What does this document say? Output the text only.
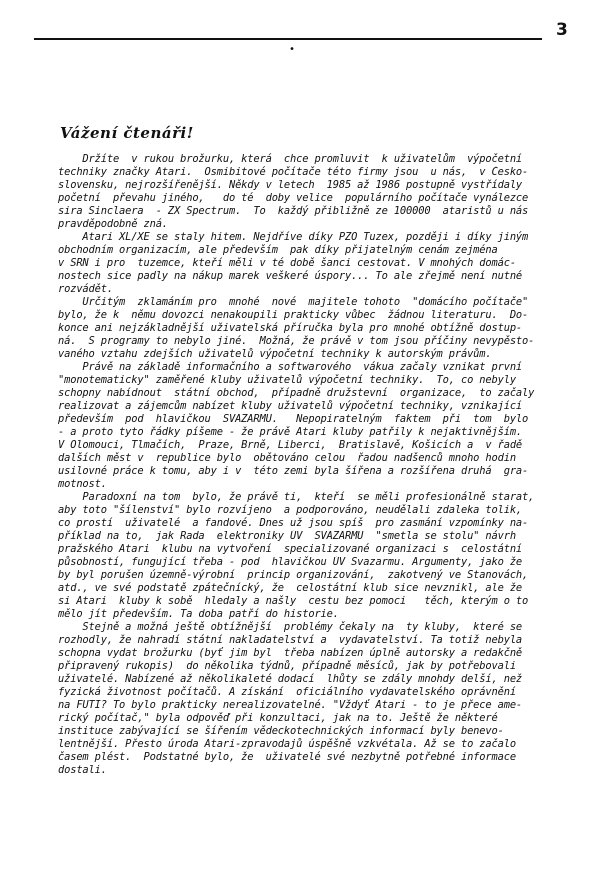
3
•
Vážení čtenáři!
Držíte  v rukou brožurku, která  chce promluvit  k uživatelům  výpočetní
techniky značky Atari.  Osmibitové počítače této firmy jsou  u nás,  v Česko-
slovensku, nejrozšířenější. Někdy v letech  1985 až 1986 postupně vystřídaly
početní  převahu jiného,   do té  doby velice  populárního počítače vynálezce
sira Sinclaera  - ZX Spectrum.  To  každý přibližně ze 100000  ataristů u nás
pravděpodobně zná.
Atari XL/XE se staly hitem. Nejdříve díky PZO Tuzex, později i díky jiným
obchodním organizacím, ale především  pak díky přijatelným cenám zejména
v SRN i pro  tuzemce, kteří měli v té době šanci cestovat. V mnohých domác-
nostech sice padly na nákup marek veškeré úspory... To ale zřejmě není nutné
rozvádět.
Určitým  zklamáním pro  mnohé  nové  majitele tohoto  "domácího počítače"
bylo, že k  němu dovozci nenakoupili prakticky vůbec  žádnou literaturu.  Do-
konce ani nejzákladnější uživatelská příručka byla pro mnohé obtížně dostup-
ná.  S programy to nebylo jiné.  Možná, že právě v tom jsou příčiny nevypěsto-
vaného vztahu zdejších uživatelů výpočetní techniky k autorským právům.
Právě na základě informačního a softwarového  vákua začaly vznikat první
"monotematicky" zaměřené kluby uživatelů výpočetní techniky.  To, co nebyly
schopny nabídnout  státní obchod,  případně družstevní  organizace,  to začaly
realizovat a zájemcům nabízet kluby uživatelů výpočetní techniky, vznikající
především  pod  hlavičkou  SVAZARMU.   Nepopiratelným  faktem  při  tom  bylo
- a proto tyto řádky píšeme - že právě Atari kluby patřily k nejaktivnějším.
V Olomouci, Tlmačích,  Praze, Brně, Liberci,  Bratislavě, Košicích a  v řadě
dalších měst v  republice bylo  obětováno celou  řadou nadšenců mnoho hodin
usilovné práce k tomu, aby i v  této zemi byla šířena a rozšířena druhá  gra-
motnost.
Paradoxní na tom  bylo, že právě ti,  kteří  se měli profesionálně starat,
aby toto "šílenství" bylo rozvíjeno  a podporováno, neudělali zdaleka tolik,
co prostí  uživatelé  a fandové. Dnes už jsou spíš  pro zasmání vzpomínky na-
příklad na to,  jak Rada  elektroniky ÚV  SVAZARMU  "smetla se stolu" návrh
pražského Atari  klubu na vytvoření  specializované organizaci s  celostátní
působností, fungující třeba - pod  hlavičkou ÚV Svazarmu. Argumenty, jako že
by byl porušen územně-výrobní  princip organizování,  zakotvený ve Stanovách,
atd., ve své podstatě zpátečnícký, že  celostátní klub sice nevznikl, ale že
si Atari  kluby k sobě  hledaly a našly  cestu bez pomoci   těch, kterým o to
mělo jít především. Ta doba patří do historie.
Stejně a možná ještě obtížnější  problémy čekaly na  ty kluby,  které se
rozhodly, že nahradí státní nakladatelství a  vydavatelství. Ta totiž nebyla
schopna vydat brožurku (byť jim byl  třeba nabízen úplně autorsky a redakčně
připravený rukopis)  do několika týdnů, případně měsíců, jak by potřebovali
uživatelé. Nabízené až několikaleté dodací  lhůty se zdály mnohdy delší, než
fyzická životnost počítačů. A získání  oficiálního vydavatelského oprávnění
na FUTI? To bylo prakticky nerealizovatelné. "Vždyť Atari - to je přece ame-
rický počítač," byla odpověď při konzultaci, jak na to. Ještě že některé
instituce zabývající se šířením vědeckotechnických informací byly benevo-
lentnější. Přesto úroda Atari-zpravodajů úspěšně vzkvétala. Až se to začalo
časem plést.  Podstatné bylo, že  uživatelé své nezbytně potřebné informace
dostali.
